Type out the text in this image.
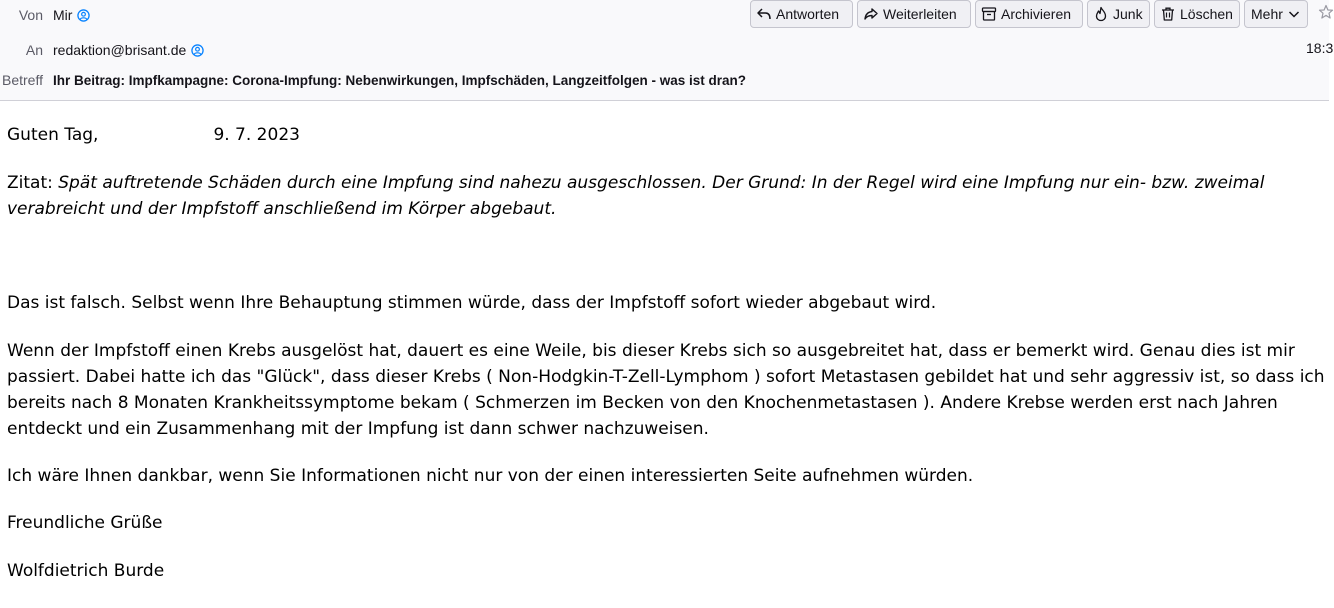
Von Mir
An redaktion@brisant.de
Betreff Ihr Beitrag: Impfkampagne: Corona-Impfung: Nebenwirkungen, Impfschäden, Langzeitfolgen - was ist dran?
Antworten	Weiterleiten	Archivieren	Junk	Löschen Mehr
18:3

Guten Tag,	9. 7. 2023

Zitat: Spät auftretende Schäden durch eine Impfung sind nahezu ausgeschlossen. Der Grund: In der Regel wird eine Impfung nur ein- bzw. zweimal verabreicht und der Impfstoff anschließend im Körper abgebaut.

Das ist falsch. Selbst wenn Ihre Behauptung stimmen würde, dass der Impfstoff sofort wieder abgebaut wird.

Wenn der Impfstoff einen Krebs ausgelöst hat, dauert es eine Weile, bis dieser Krebs sich so ausgebreitet hat, dass er bemerkt wird. Genau dies ist mir passiert. Dabei hatte ich das "Glück", dass dieser Krebs ( Non-Hodgkin-T-Zell-Lymphom ) sofort Metastasen gebildet hat und sehr aggressiv ist, so dass ich bereits nach 8 Monaten Krankheitssymptome bekam ( Schmerzen im Becken von den Knochenmetastasen ). Andere Krebse werden erst nach Jahren entdeckt und ein Zusammenhang mit der Impfung ist dann schwer nachzuweisen.

Ich wäre Ihnen dankbar, wenn Sie Informationen nicht nur von der einen interessierten Seite aufnehmen würden.

Freundliche Grüße

Wolfdietrich Burde
